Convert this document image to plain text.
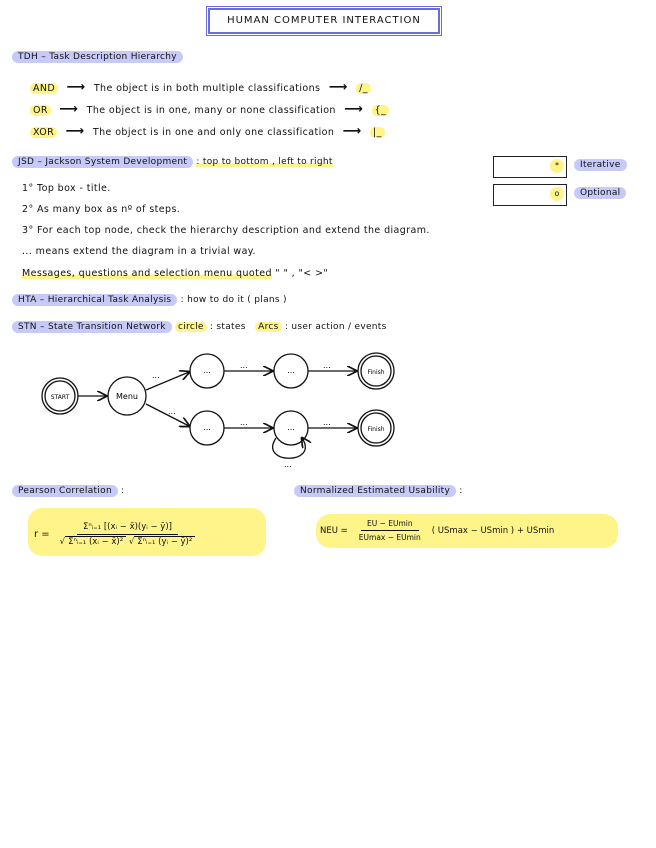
HUMAN COMPUTER INTERACTION
TDH – Task Description Hierarchy
AND  ⟶  The object is in both multiple classifications  ⟶  /_
OR  ⟶  The object is in one, many or none classification  ⟶  {_
XOR  ⟶  The object is in one and only one classification  ⟶  |_
JSD – Jackson System Development : top to bottom , left to right	*	Iterative
o	Optional
1° Top box - title.
2° As many box as nº of steps.
3° For each top node, check the hierarchy description and extend the diagram.
... means extend the diagram in a trivial way.
Messages, questions and selection menu quoted " " , "< >"
HTA – Hierarchical Task Analysis : how to do it ( plans )
STN – State Transition Network circle : states Arcs : user action / events
...
...
...	...
...	...
...
START	Menu
...	...	Finish
...	...	Finish
Pearson Correlation :
$r = \frac{\text{Σⁿᵢ₌₁ [(xᵢ − x̄)(yᵢ − ȳ)]}}{\text{√ Σⁿᵢ₌₁ (xᵢ − x̄)² √ Σⁿᵢ₌₁ (yᵢ − ȳ)²}}$
Normalized Estimated Usability :
NEU = $\frac{EU - EUmin}{EUmax - EUmin}$ ( USmax − USmin ) + USmin
